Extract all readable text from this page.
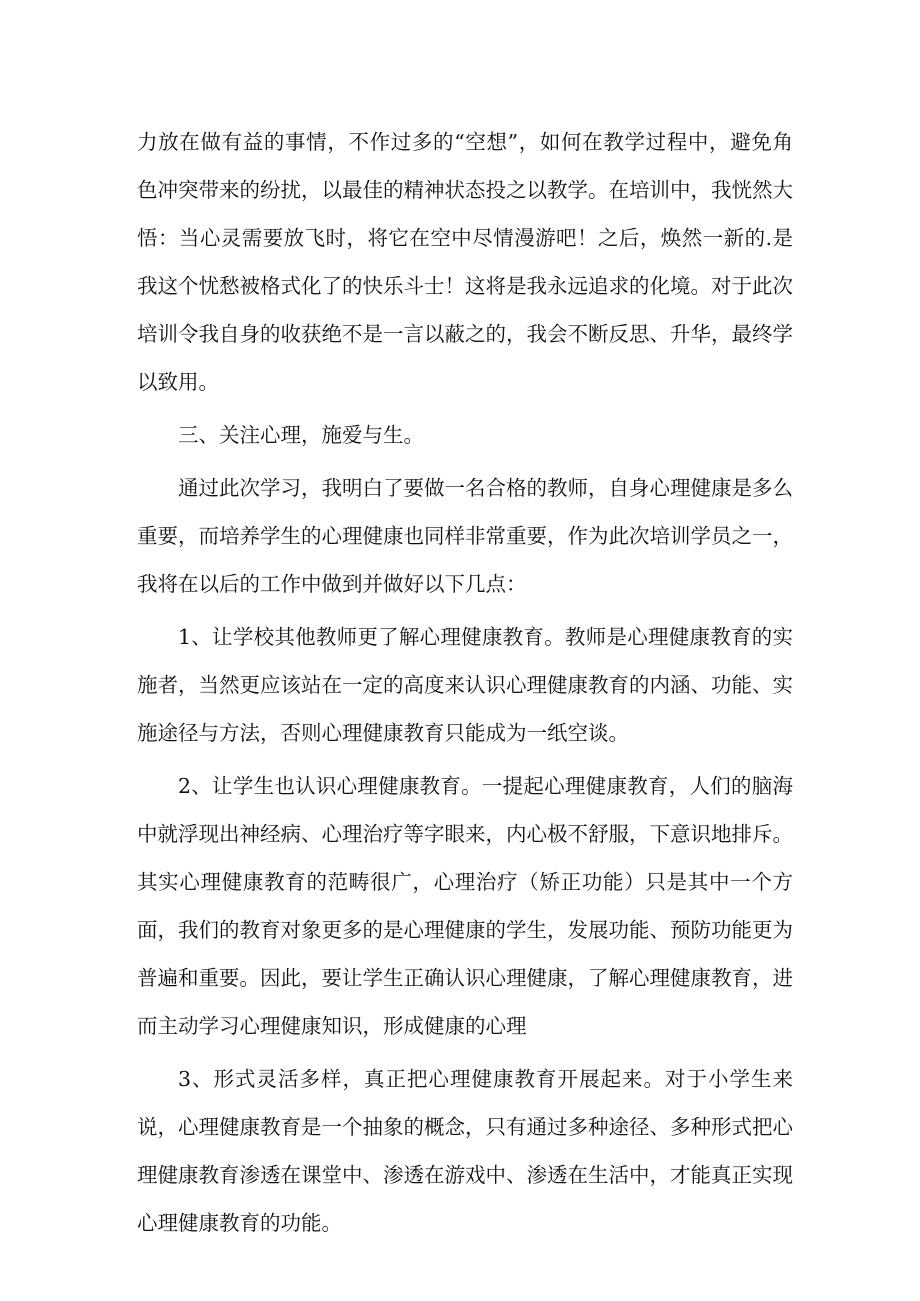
力放在做有益的事情，不作过多的“空想”，如何在教学过程中，避免角色冲突带来的纷扰，以最佳的精神状态投之以教学。在培训中，我恍然大悟：当心灵需要放飞时，将它在空中尽情漫游吧！之后，焕然一新的.是我这个忧愁被格式化了的快乐斗士！这将是我永远追求的化境。对于此次培训令我自身的收获绝不是一言以蔽之的，我会不断反思、升华，最终学以致用。

三、关注心理，施爱与生。

通过此次学习，我明白了要做一名合格的教师，自身心理健康是多么重要，而培养学生的心理健康也同样非常重要，作为此次培训学员之一，我将在以后的工作中做到并做好以下几点：

1、让学校其他教师更了解心理健康教育。教师是心理健康教育的实施者，当然更应该站在一定的高度来认识心理健康教育的内涵、功能、实施途径与方法，否则心理健康教育只能成为一纸空谈。

2、让学生也认识心理健康教育。一提起心理健康教育，人们的脑海中就浮现出神经病、心理治疗等字眼来，内心极不舒服，下意识地排斥。其实心理健康教育的范畴很广，心理治疗（矫正功能）只是其中一个方面，我们的教育对象更多的是心理健康的学生，发展功能、预防功能更为普遍和重要。因此，要让学生正确认识心理健康，了解心理健康教育，进而主动学习心理健康知识，形成健康的心理

3、形式灵活多样，真正把心理健康教育开展起来。对于小学生来说，心理健康教育是一个抽象的概念，只有通过多种途径、多种形式把心理健康教育渗透在课堂中、渗透在游戏中、渗透在生活中，才能真正实现心理健康教育的功能。
